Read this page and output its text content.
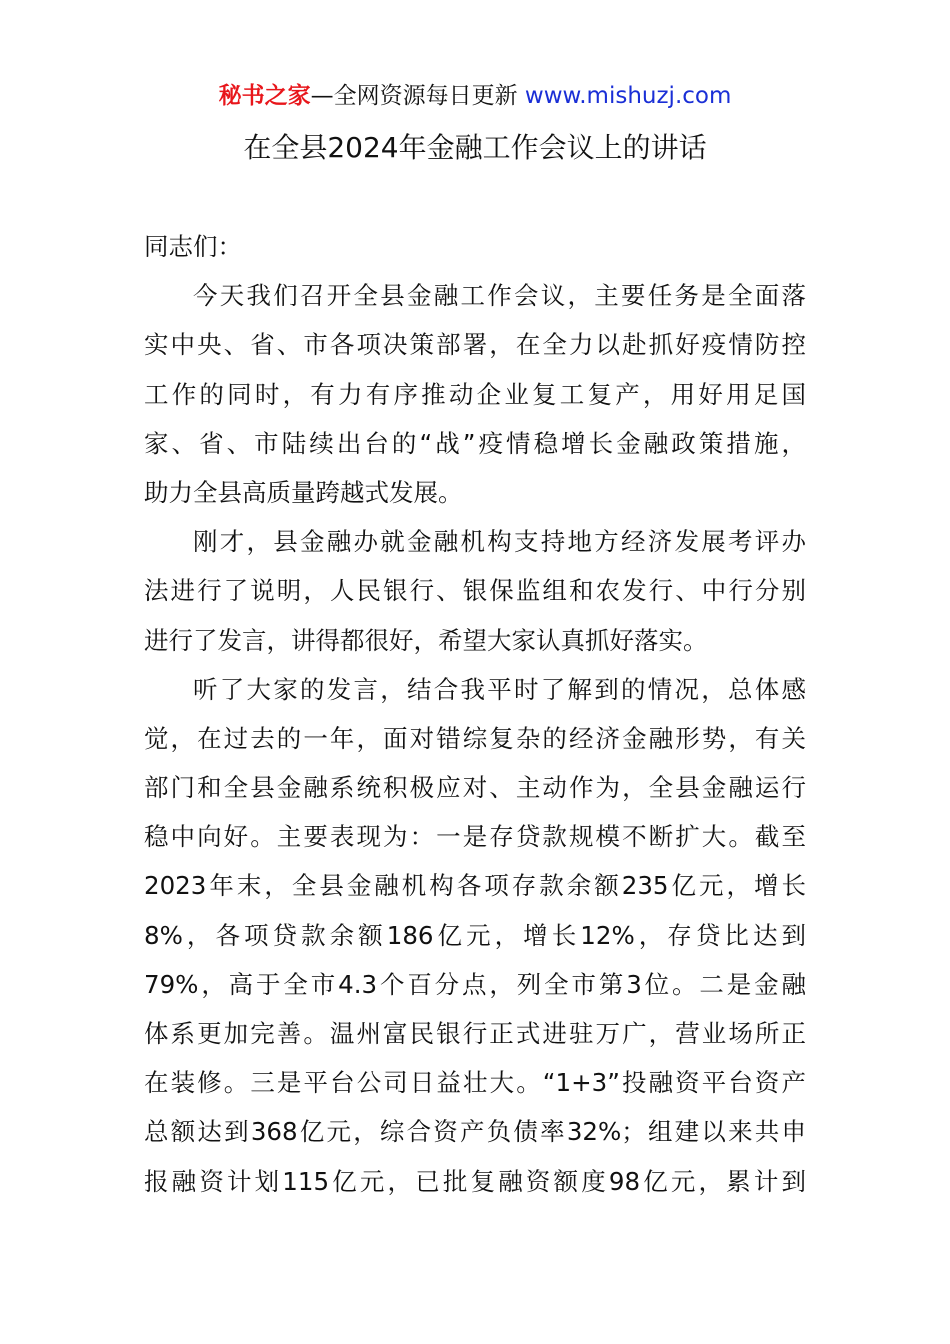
秘书之家—全网资源每日更新 www.mishuzj.com
在全县2024年金融工作会议上的讲话
同志们：
今天我们召开全县金融工作会议，主要任务是全面落
实中央、省、市各项决策部署，在全力以赴抓好疫情防控
工作的同时，有力有序推动企业复工复产，用好用足国
家、省、市陆续出台的“战”疫情稳增长金融政策措施，
助力全县高质量跨越式发展。
刚才，县金融办就金融机构支持地方经济发展考评办
法进行了说明，人民银行、银保监组和农发行、中行分别
进行了发言，讲得都很好，希望大家认真抓好落实。
听了大家的发言，结合我平时了解到的情况，总体感
觉，在过去的一年，面对错综复杂的经济金融形势，有关
部门和全县金融系统积极应对、主动作为，全县金融运行
稳中向好。主要表现为：一是存贷款规模不断扩大。截至
2023年末，全县金融机构各项存款余额235亿元，增长
8%，各项贷款余额186亿元，增长12%，存贷比达到
79%，高于全市4.3个百分点，列全市第3位。二是金融
体系更加完善。温州富民银行正式进驻万广，营业场所正
在装修。三是平台公司日益壮大。“1+3”投融资平台资产
总额达到368亿元，综合资产负债率32%；组建以来共申
报融资计划115亿元，已批复融资额度98亿元，累计到
